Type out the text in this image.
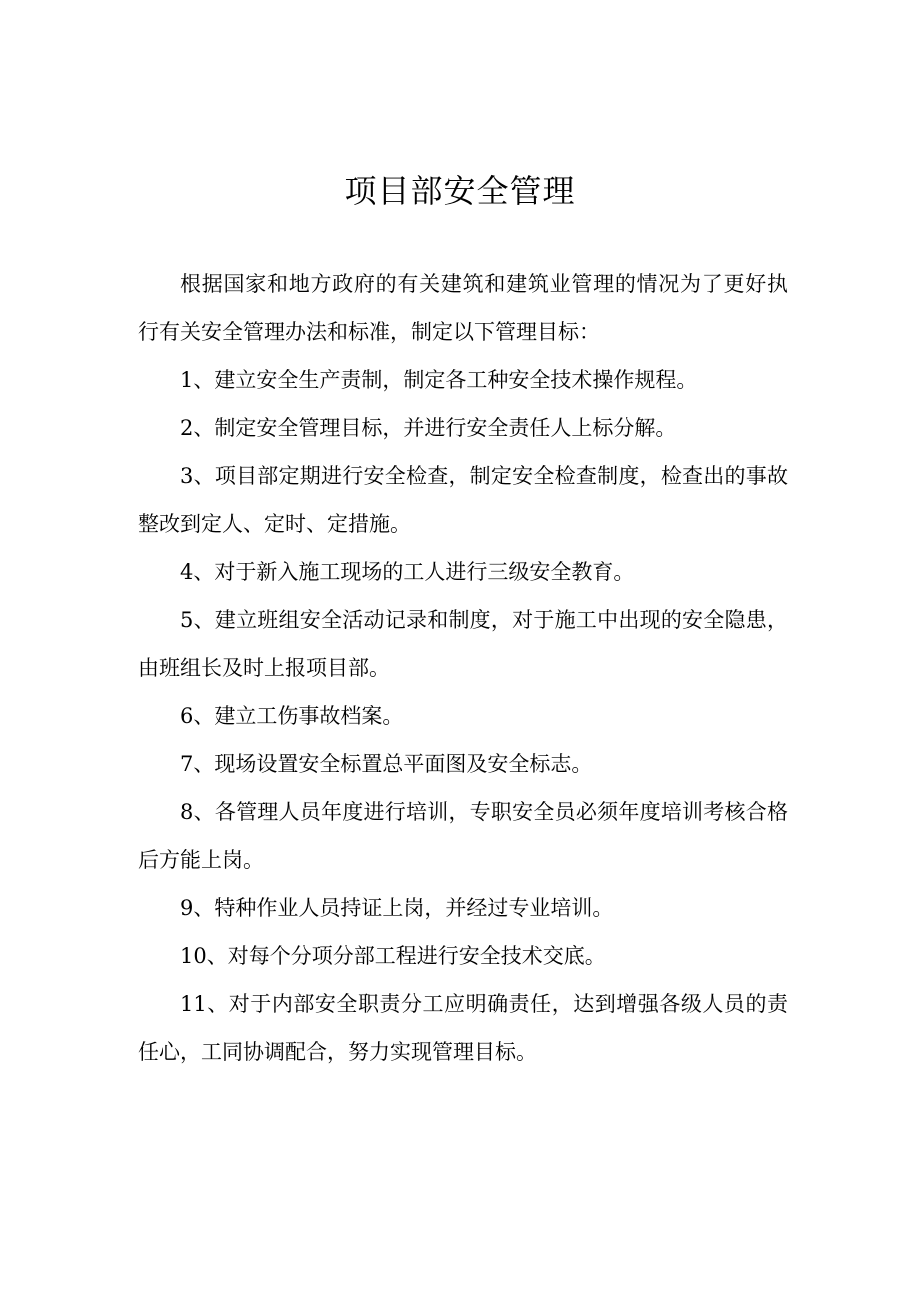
项目部安全管理

根据国家和地方政府的有关建筑和建筑业管理的情况为了更好执行有关安全管理办法和标准，制定以下管理目标：

1、建立安全生产责制，制定各工种安全技术操作规程。

2、制定安全管理目标，并进行安全责任人上标分解。

3、项目部定期进行安全检查，制定安全检查制度，检查出的事故整改到定人、定时、定措施。

4、对于新入施工现场的工人进行三级安全教育。

5、建立班组安全活动记录和制度，对于施工中出现的安全隐患，由班组长及时上报项目部。

6、建立工伤事故档案。

7、现场设置安全标置总平面图及安全标志。

8、各管理人员年度进行培训，专职安全员必须年度培训考核合格后方能上岗。

9、特种作业人员持证上岗，并经过专业培训。

10、对每个分项分部工程进行安全技术交底。

11、对于内部安全职责分工应明确责任，达到增强各级人员的责任心，工同协调配合，努力实现管理目标。
